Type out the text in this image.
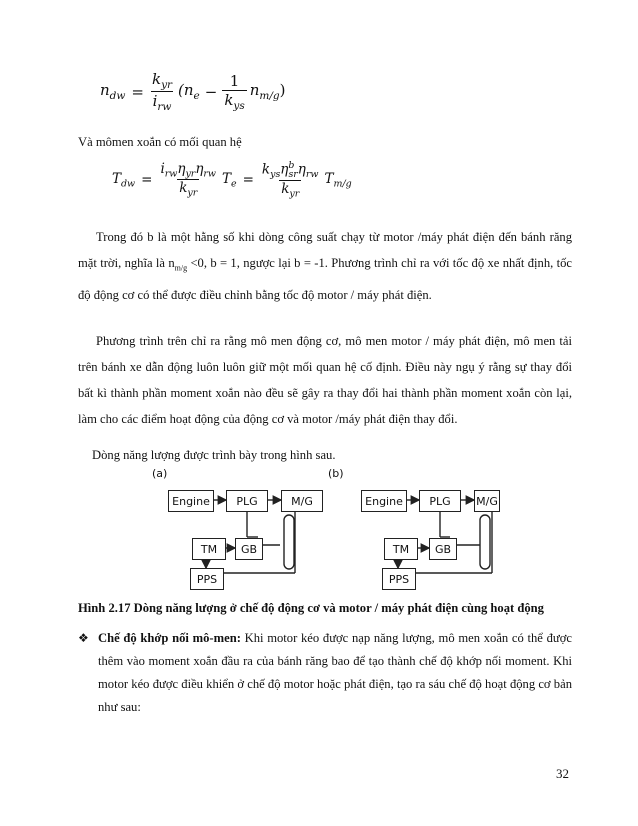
$n_{dw} = \frac{k_{yr}}{i_{rw}} (n_e - \frac{1}{k_{ys}} n_{m/g})$
Và mômen xoắn có mối quan hệ
$T_{dw} = \frac{i_{rw}\eta_{yr}\eta_{rw}}{k_{yr}} T_e = \frac{k_{ys}\eta^b_{sr}\eta_{rw}}{k_{yr}} T_{m/g}$
Trong đó b là một hằng số khi dòng công suất chạy từ motor /máy phát điện đến bánh răng mặt trời, nghĩa là $n_{m/g} <0$, b = 1, ngược lại b = -1. Phương trình chỉ ra với tốc độ xe nhất định, tốc độ động cơ có thể được điều chỉnh bằng tốc độ motor / máy phát điện.
Phương trình trên chỉ ra rằng mô men động cơ, mô men motor / máy phát điện, mô men tải trên bánh xe dẫn động luôn luôn giữ một mối quan hệ cố định. Điều này ngụ ý rằng sự thay đổi bất kì thành phần moment xoắn nào đều sẽ gây ra thay đổi hai thành phần moment xoắn còn lại, làm cho các điểm hoạt động của động cơ và motor /máy phát điện thay đổi.
Dòng năng lượng được trình bày trong hình sau.
(a)	(b)
Engine	PLG	M/G
TM	GB
PPS
Engine	PLG	M/G
TM	GB
PPS
Hình 2.17 Dòng năng lượng ở chế độ động cơ và motor / máy phát điện cùng hoạt động
❖ Chế độ khớp nối mô-men: Khi motor kéo được nạp năng lượng, mô men xoắn có thể được thêm vào moment xoắn đầu ra của bánh răng bao để tạo thành chế độ khớp nối moment. Khi motor kéo được điều khiển ở chế độ motor hoặc phát điện, tạo ra sáu chế độ hoạt động cơ bản như sau:
32
